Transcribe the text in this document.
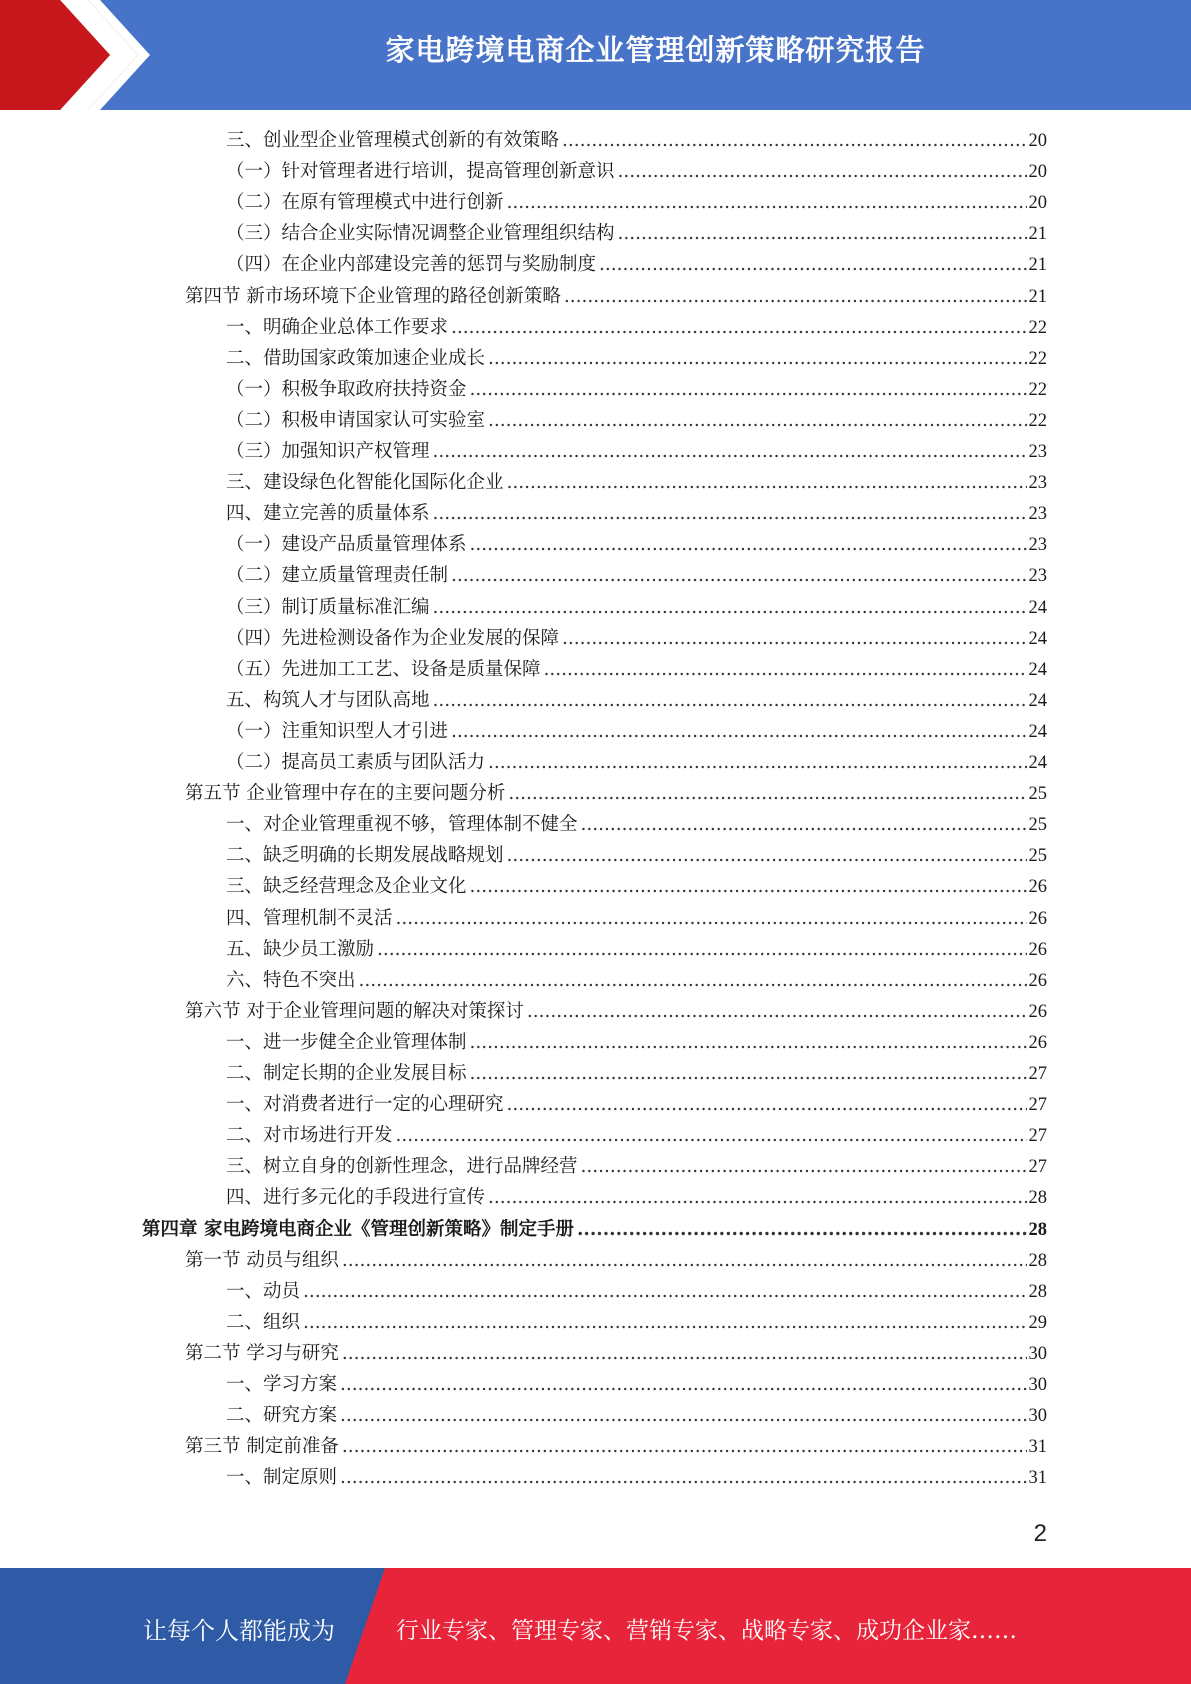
家电跨境电商企业管理创新策略研究报告
三、创业型企业管理模式创新的有效策略 .....	20
（一）针对管理者进行培训，提高管理创新意识 .....	20
（二）在原有管理模式中进行创新 .....	20
（三）结合企业实际情况调整企业管理组织结构 .....	21
（四）在企业内部建设完善的惩罚与奖励制度 .....	21
第四节 新市场环境下企业管理的路径创新策略 .....	21
一、明确企业总体工作要求 .....	22
二、借助国家政策加速企业成长 .....	22
（一）积极争取政府扶持资金 .....	22
（二）积极申请国家认可实验室 .....	22
（三）加强知识产权管理 .....	23
三、建设绿色化智能化国际化企业 .....	23
四、建立完善的质量体系 .....	23
（一）建设产品质量管理体系 .....	23
（二）建立质量管理责任制 .....	23
（三）制订质量标准汇编 .....	24
（四）先进检测设备作为企业发展的保障 .....	24
（五）先进加工工艺、设备是质量保障 .....	24
五、构筑人才与团队高地 .....	24
（一）注重知识型人才引进 .....	24
（二）提高员工素质与团队活力 .....	24
第五节 企业管理中存在的主要问题分析 .....	25
一、对企业管理重视不够，管理体制不健全 .....	25
二、缺乏明确的长期发展战略规划 .....	25
三、缺乏经营理念及企业文化 .....	26
四、管理机制不灵活 .....	26
五、缺少员工激励 .....	26
六、特色不突出 .....	26
第六节 对于企业管理问题的解决对策探讨 .....	26
一、进一步健全企业管理体制 .....	26
二、制定长期的企业发展目标 .....	27
一、对消费者进行一定的心理研究 .....	27
二、对市场进行开发 .....	27
三、树立自身的创新性理念，进行品牌经营 .....	27
四、进行多元化的手段进行宣传 .....	28
第四章 家电跨境电商企业《管理创新策略》制定手册 .....	28
第一节 动员与组织 .....	28
一、动员 .....	28
二、组织 .....	29
第二节 学习与研究 .....	30
一、学习方案 .....	30
二、研究方案 .....	30
第三节 制定前准备 .....	31
一、制定原则 .....	31
2
让每个人都能成为	行业专家、管理专家、营销专家、战略专家、成功企业家……
